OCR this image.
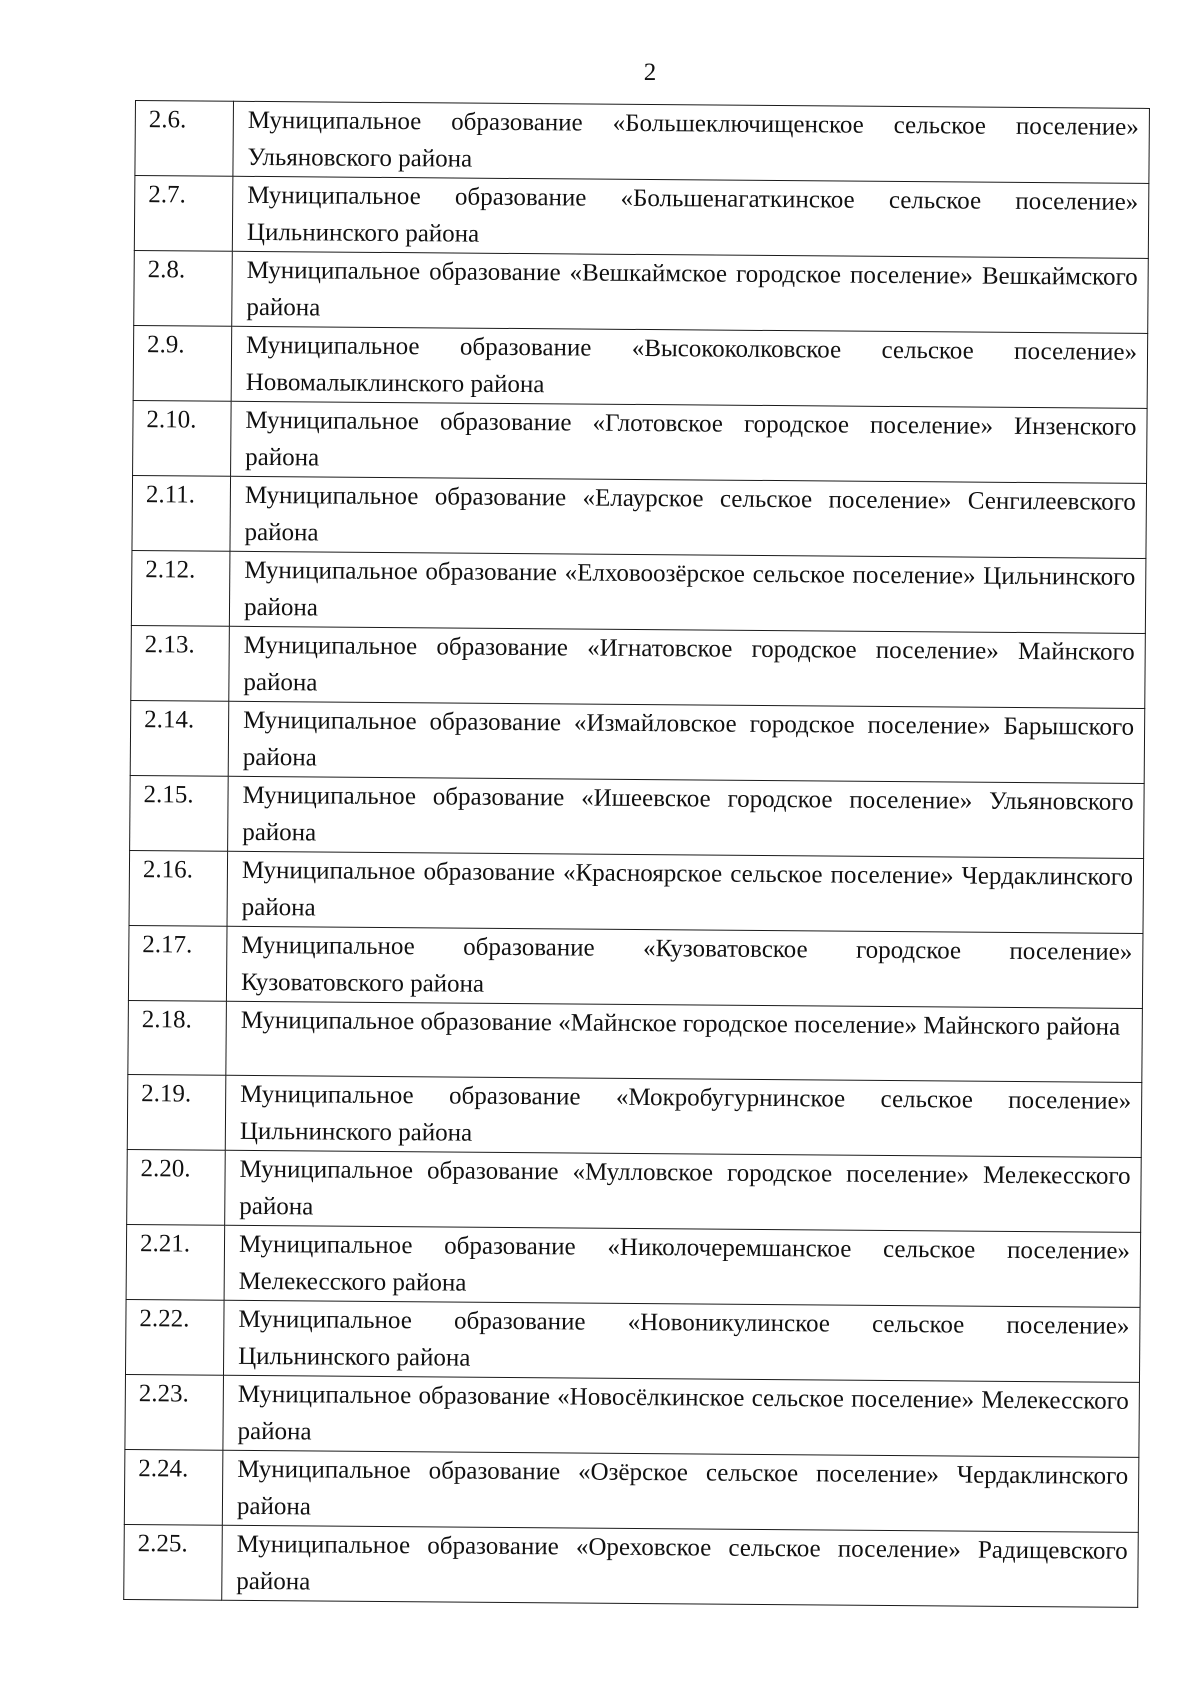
2
2.6.	Муниципальное образование «Большеключищенское сельское поселение» Ульяновского района
2.7.	Муниципальное образование «Большенагаткинское сельское поселение» Цильнинского района
2.8.	Муниципальное образование «Вешкаймское городское поселение» Вешкаймского района
2.9.	Муниципальное образование «Высококолковское сельское поселение» Новомалыклинского района
2.10.	Муниципальное образование «Глотовское городское поселение» Инзенского района
2.11.	Муниципальное образование «Елаурское сельское поселение» Сенгилеевского района
2.12.	Муниципальное образование «Елховоозёрское сельское поселение» Цильнинского района
2.13.	Муниципальное образование «Игнатовское городское поселение» Майнского района
2.14.	Муниципальное образование «Измайловское городское поселение» Барышского района
2.15.	Муниципальное образование «Ишеевское городское поселение» Ульяновского района
2.16.	Муниципальное образование «Красноярское сельское поселение» Чердаклинского района
2.17.	Муниципальное образование «Кузоватовское городское поселение» Кузоватовского района
2.18.	Муниципальное образование «Майнское городское поселение» Майнского района
2.19.	Муниципальное образование «Мокробугурнинское сельское поселение» Цильнинского района
2.20.	Муниципальное образование «Мулловское городское поселение» Мелекесского района
2.21.	Муниципальное образование «Николочеремшанское сельское поселение» Мелекесского района
2.22.	Муниципальное образование «Новоникулинское сельское поселение» Цильнинского района
2.23.	Муниципальное образование «Новосёлкинское сельское поселение» Мелекесского района
2.24.	Муниципальное образование «Озёрское сельское поселение» Чердаклинского района
2.25.	Муниципальное образование «Ореховское сельское поселение» Радищевского района
